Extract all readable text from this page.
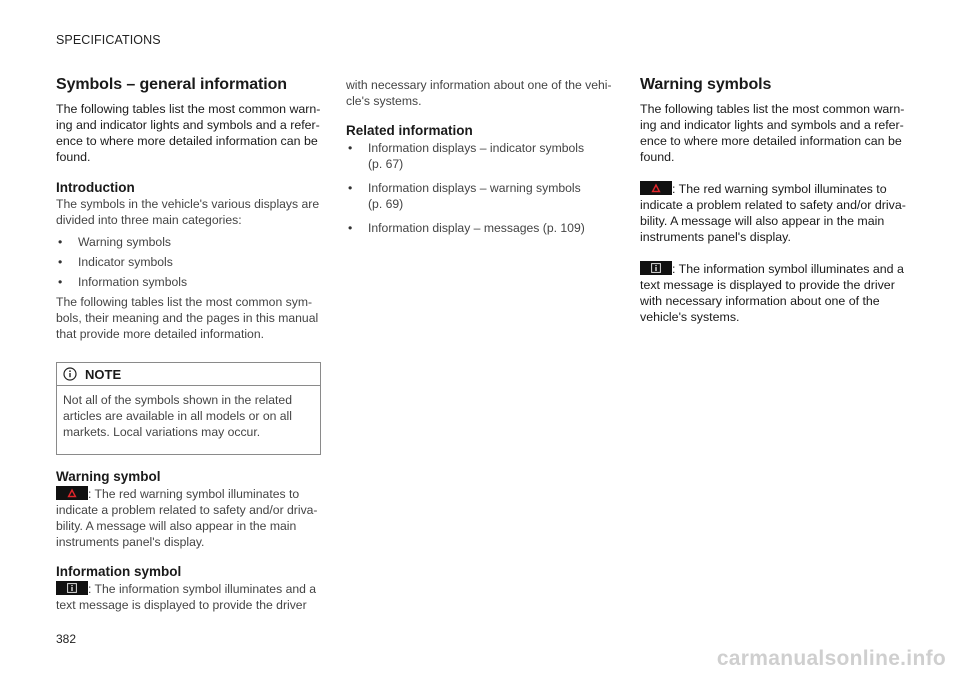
SPECIFICATIONS
Symbols – general information

The following tables list the most common warn-
ing and indicator lights and symbols and a refer-
ence to where more detailed information can be
found.

Introduction

The symbols in the vehicle's various displays are
divided into three main categories:

• Warning symbols
• Indicator symbols
• Information symbols

The following tables list the most common sym-
bols, their meaning and the pages in this manual
that provide more detailed information.

NOTE
Not all of the symbols shown in the related
articles are available in all models or on all
markets. Local variations may occur.
Warning symbol

: The red warning symbol illuminates to
indicate a problem related to safety and/or driva-
bility. A message will also appear in the main
instruments panel's display.

Information symbol

: The information symbol illuminates and a
text message is displayed to provide the driver

with necessary information about one of the vehi-
cle's systems.

Related information
• Information displays – indicator symbols
(p. 67)
• Information displays – warning symbols
(p. 69)
• Information display – messages (p. 109)
Warning symbols

The following tables list the most common warn-
ing and indicator lights and symbols and a refer-
ence to where more detailed information can be
found.

: The red warning symbol illuminates to
indicate a problem related to safety and/or driva-
bility. A message will also appear in the main
instruments panel's display.

: The information symbol illuminates and a
text message is displayed to provide the driver
with necessary information about one of the
vehicle's systems.

382
carmanualsonline.info
